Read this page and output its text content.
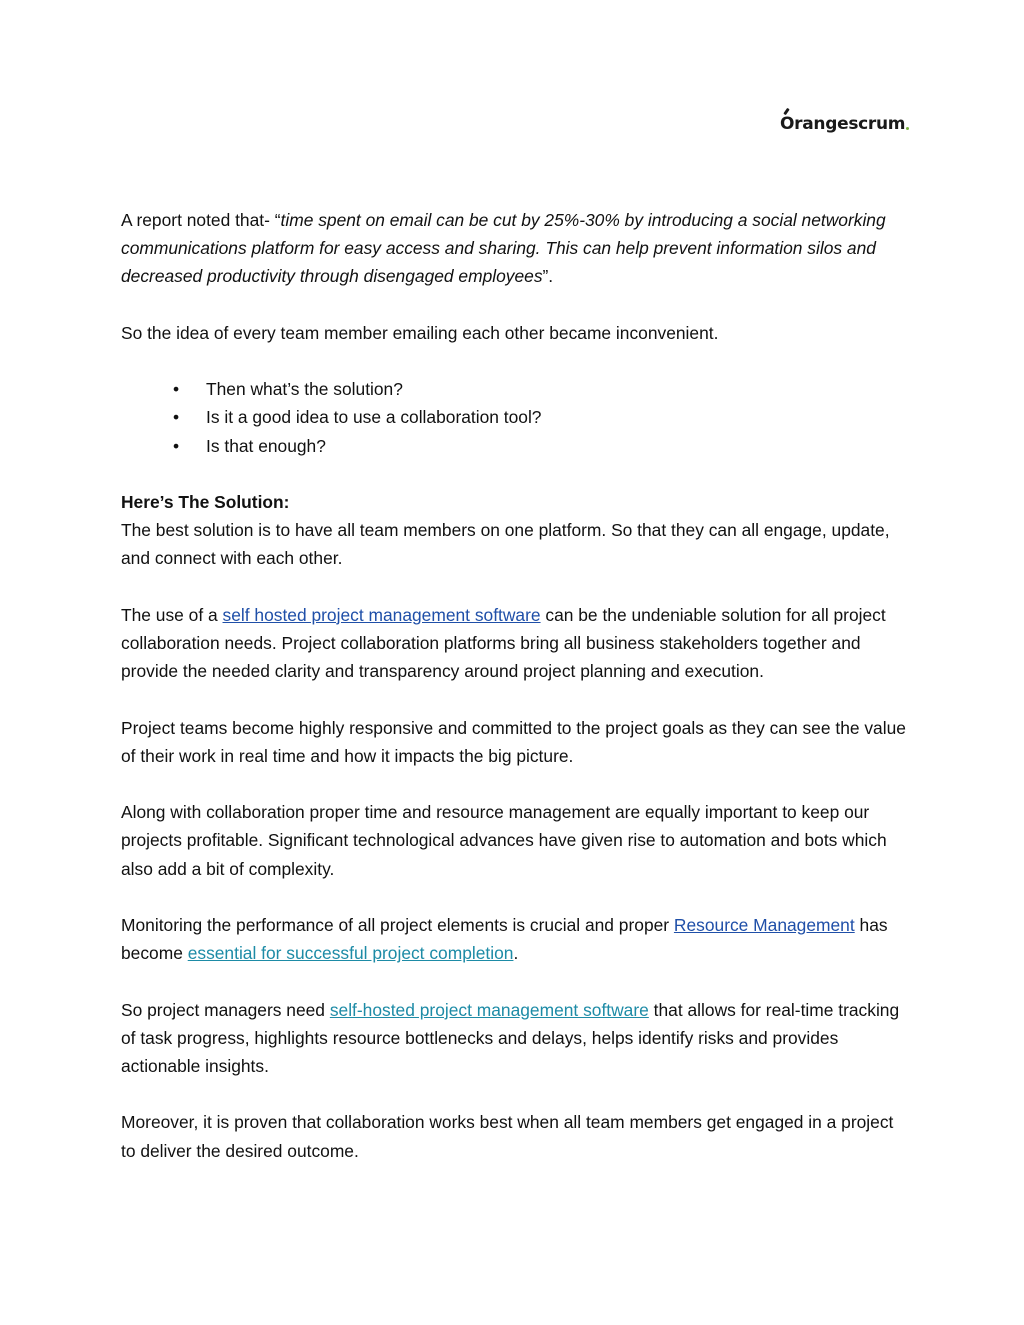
O rangescrum

A report noted that- “time spent on email can be cut by 25%-30% by introducing a social networking communications platform for easy access and sharing. This can help prevent information silos and decreased productivity through disengaged employees”.

So the idea of every team member emailing each other became inconvenient.

• Then what’s the solution?
• Is it a good idea to use a collaboration tool?
• Is that enough?

Here’s The Solution:
The best solution is to have all team members on one platform. So that they can all engage, update, and connect with each other.

The use of a self hosted project management software can be the undeniable solution for all project collaboration needs. Project collaboration platforms bring all business stakeholders together and provide the needed clarity and transparency around project planning and execution.

Project teams become highly responsive and committed to the project goals as they can see the value of their work in real time and how it impacts the big picture.

Along with collaboration proper time and resource management are equally important to keep our projects profitable. Significant technological advances have given rise to automation and bots which also add a bit of complexity.

Monitoring the performance of all project elements is crucial and proper Resource Management has become essential for successful project completion.

So project managers need self-hosted project management software that allows for real-time tracking of task progress, highlights resource bottlenecks and delays, helps identify risks and provides actionable insights.

Moreover, it is proven that collaboration works best when all team members get engaged in a project to deliver the desired outcome.
